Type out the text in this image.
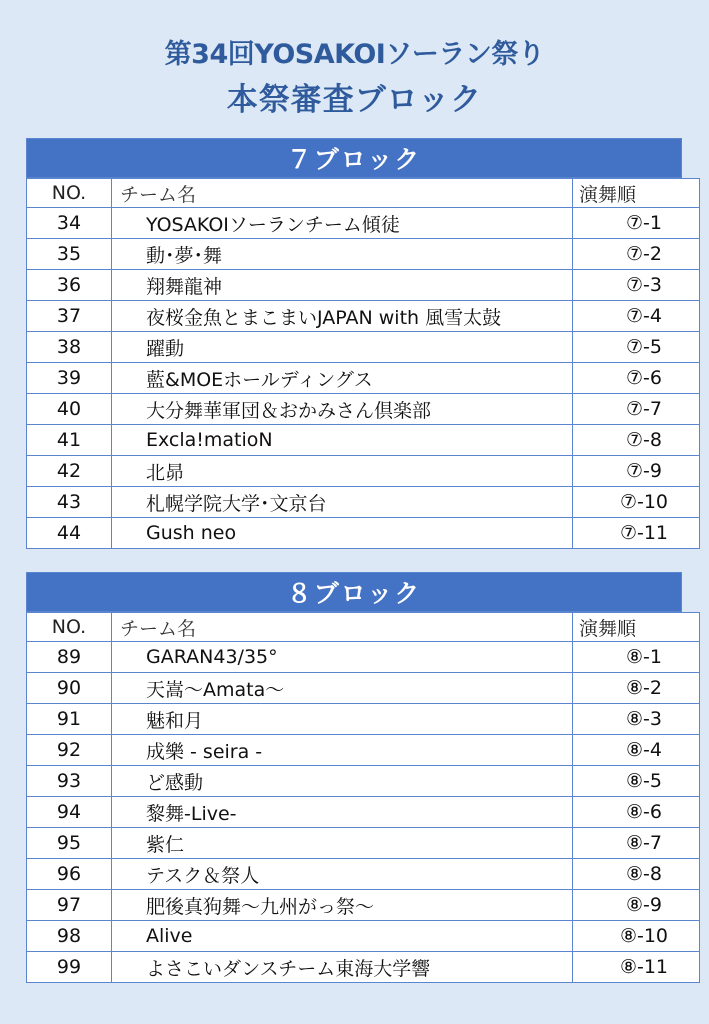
第34回YOSAKOIソーラン祭り
本祭審査ブロック
７ブロック
NO.	チーム名	演舞順
34	YOSAKOIソーランチーム傾徒	⑦-1
35	動･夢･舞	⑦-2
36	翔舞龍神	⑦-3
37	夜桜金魚とまこまいJAPAN with 風雪太鼓	⑦-4
38	躍動	⑦-5
39	藍&MOEホールディングス	⑦-6
40	大分舞華軍団＆おかみさん倶楽部	⑦-7
41	Excla!matioN	⑦-8
42	北昴	⑦-9
43	札幌学院大学･文京台	⑦-10
44	Gush neo	⑦-11
８ブロック
NO.	チーム名	演舞順
89	GARAN43/35°	⑧-1
90	天嵩～Amata～	⑧-2
91	魅和月	⑧-3
92	成樂 - seira -	⑧-4
93	ど感動	⑧-5
94	黎舞-Live-	⑧-6
95	紫仁	⑧-7
96	テスク＆祭人	⑧-8
97	肥後真狗舞～九州がっ祭～	⑧-9
98	Alive	⑧-10
99	よさこいダンスチーム東海大学響	⑧-11
